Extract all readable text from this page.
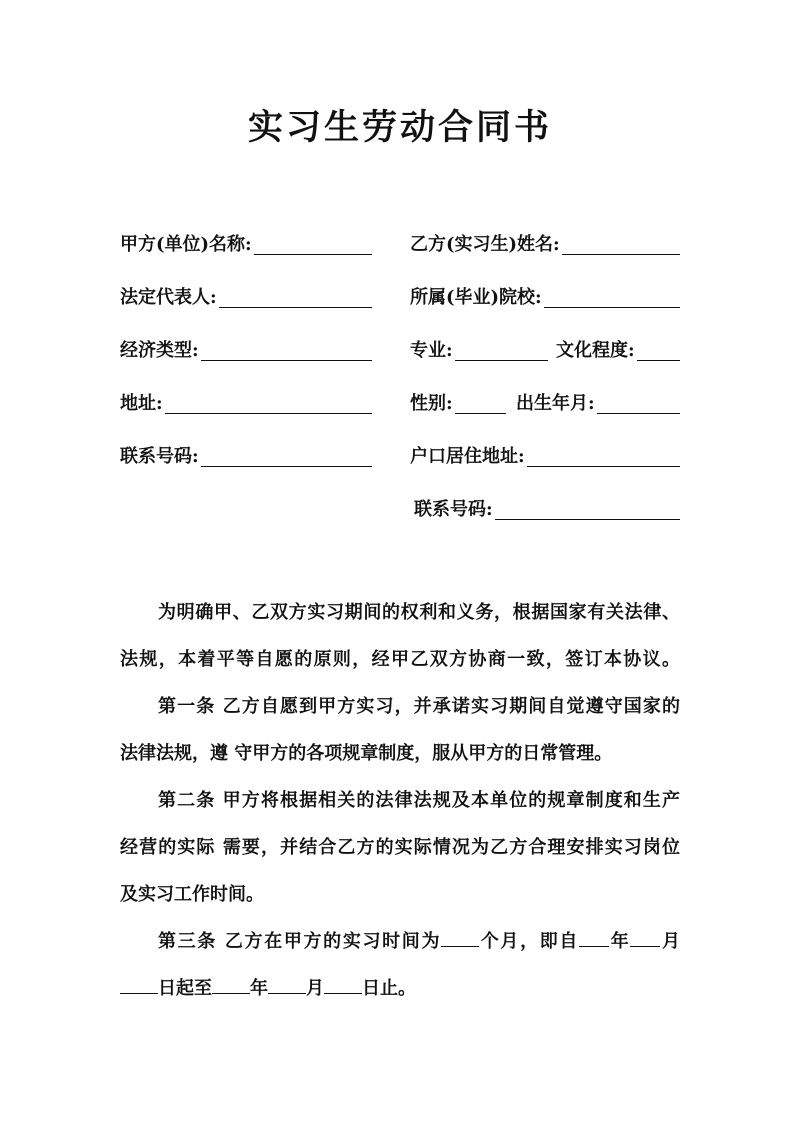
实习生劳动合同书
甲方(单位)名称:	乙方(实习生)姓名:
法定代表人:	所属(毕业)院校:
经济类型:	专业:	文化程度:
地址:	性别:	出生年月:
联系号码:	户口居住地址:
联系号码:
为明确甲、乙双方实习期间的权利和义务，根据国家有关法律、
法规，本着平等自愿的原则，经甲乙双方协商一致，签订本协议。
第一条 乙方自愿到甲方实习，并承诺实习期间自觉遵守国家的
法律法规，遵 守甲方的各项规章制度，服从甲方的日常管理。
第二条 甲方将根据相关的法律法规及本单位的规章制度和生产
经营的实际 需要，并结合乙方的实际情况为乙方合理安排实习岗位
及实习工作时间。
第三条 乙方在甲方的实习时间为 个月，即自 年 月
日起至 年 月 日止。
